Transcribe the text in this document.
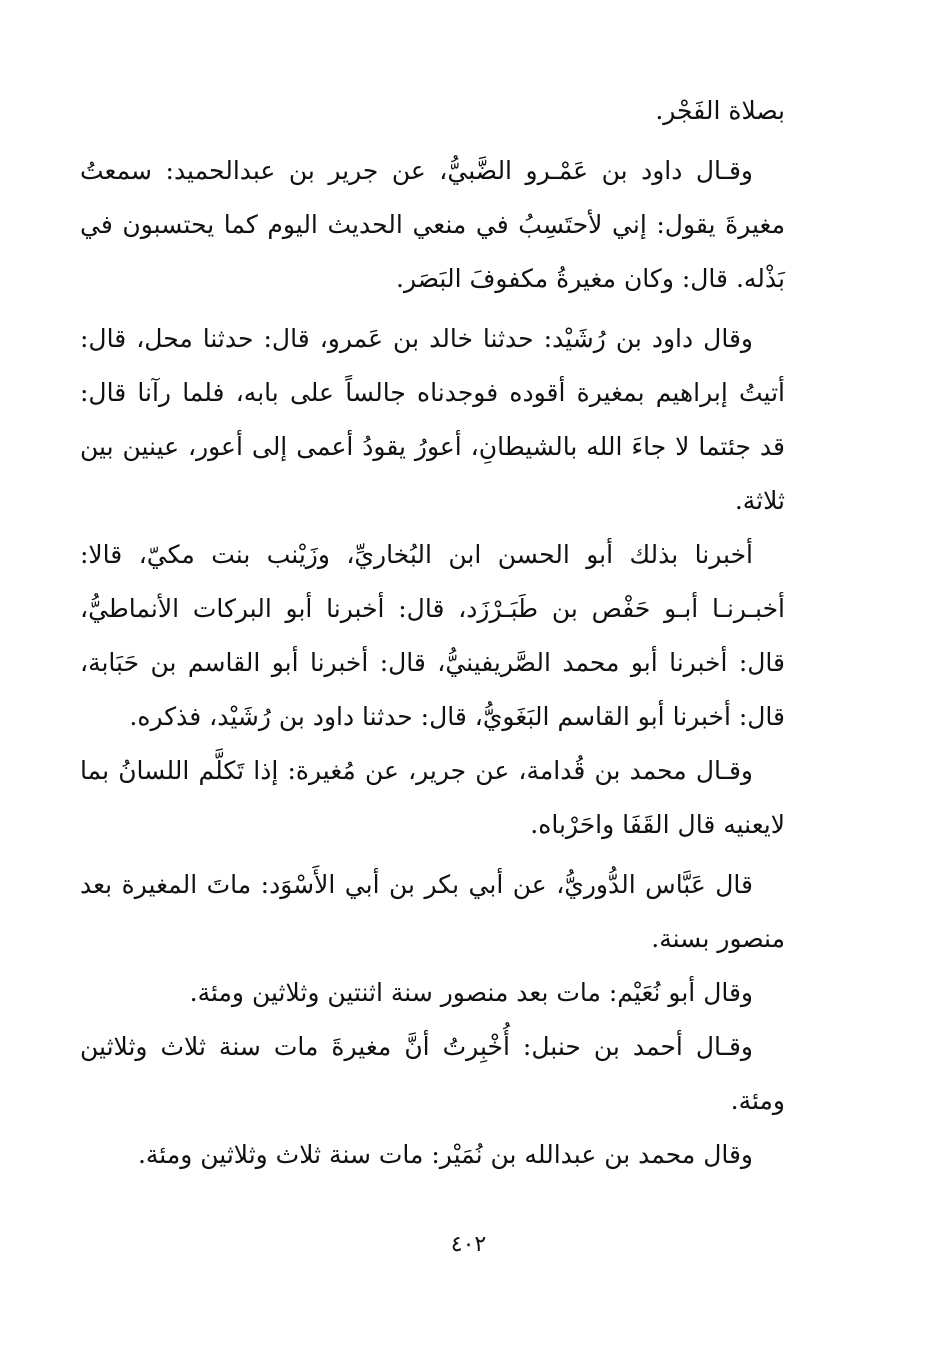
بصلاة الفَجْر.

وقـال داود بن عَمْـرو الضَّبيُّ، عن جرير بن عبدالحميد: سمعتُ مغيرةَ يقول: إني لأحتَسِبُ في منعي الحديث اليوم كما يحتسبون في بَذْله. قال: وكان مغيرةُ مكفوفَ البَصَر.

وقال داود بن رُشَيْد: حدثنا خالد بن عَمرو، قال: حدثنا محل، قال: أتيتُ إبراهيم بمغيرة أقوده فوجدناه جالساً على بابه، فلما رآنا قال: قد جئتما لا جاءَ الله بالشيطانِ، أعورُ يقودُ أعمى إلى أعور، عينين بين ثلاثة.

أخبرنا بذلك أبو الحسن ابن البُخاريِّ، وزَيْنب بنت مكيّ، قالا: أخبـرنـا أبـو حَفْص بن طَبَـرْزَد، قال: أخبرنا أبو البركات الأنماطيُّ، قال: أخبرنا أبو محمد الصَّريفينيُّ، قال: أخبرنا أبو القاسم بن حَبَابة، قال: أخبرنا أبو القاسم البَغَويُّ، قال: حدثنا داود بن رُشَيْد، فذكره.

وقـال محمد بن قُدامة، عن جرير، عن مُغيرة: إذا تَكلَّم اللسانُ بما لايعنيه قال القَفَا واحَرْباه.

قال عَبَّاس الدُّوريُّ، عن أبي بكر بن أبي الأَسْوَد: ماتَ المغيرة بعد منصور بسنة.

وقال أبو نُعَيْم: مات بعد منصور سنة اثنتين وثلاثين ومئة.

وقـال أحمد بن حنبل: أُخْبِرتُ أنَّ مغيرةَ مات سنة ثلاث وثلاثين ومئة.

وقال محمد بن عبدالله بن نُمَيْر: مات سنة ثلاث وثلاثين ومئة.

٤٠٢
